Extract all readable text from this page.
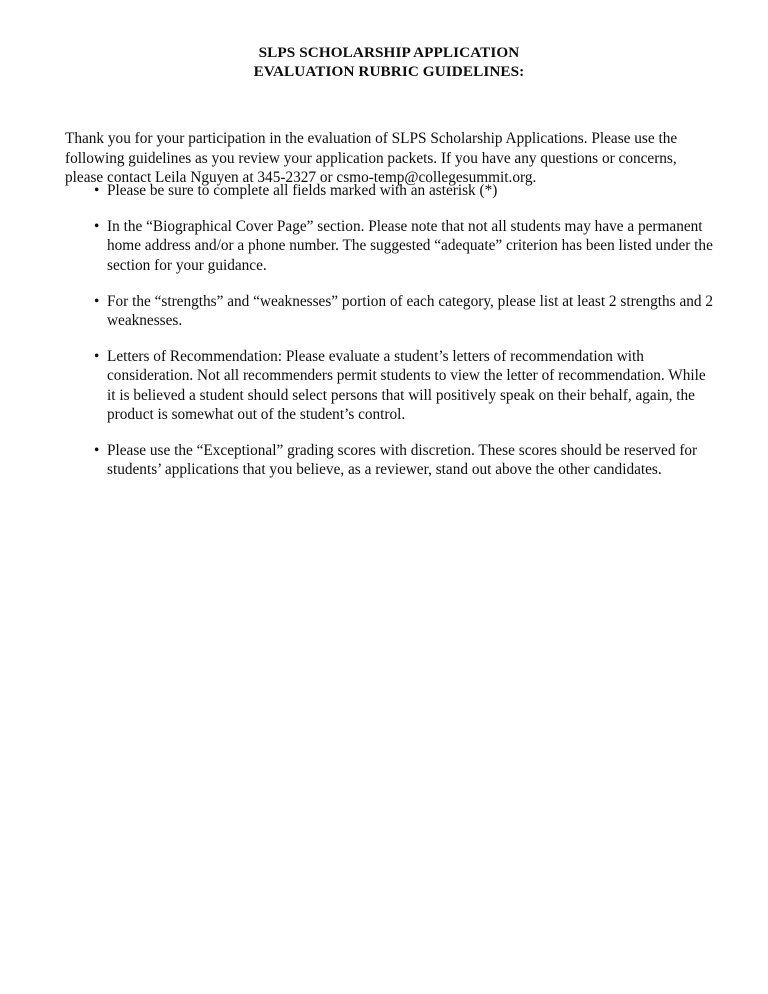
SLPS SCHOLARSHIP APPLICATION
EVALUATION RUBRIC GUIDELINES:

Thank you for your participation in the evaluation of SLPS Scholarship Applications. Please use the following guidelines as you review your application packets. If you have any questions or concerns, please contact Leila Nguyen at 345-2327 or csmo-temp@collegesummit.org.

• Please be sure to complete all fields marked with an asterisk (*)
• In the “Biographical Cover Page” section. Please note that not all students may have a permanent home address and/or a phone number. The suggested “adequate” criterion has been listed under the section for your guidance.
• For the “strengths” and “weaknesses” portion of each category, please list at least 2 strengths and 2 weaknesses.
• Letters of Recommendation: Please evaluate a student’s letters of recommendation with consideration. Not all recommenders permit students to view the letter of recommendation. While it is believed a student should select persons that will positively speak on their behalf, again, the product is somewhat out of the student’s control.
• Please use the “Exceptional” grading scores with discretion. These scores should be reserved for students’ applications that you believe, as a reviewer, stand out above the other candidates.
